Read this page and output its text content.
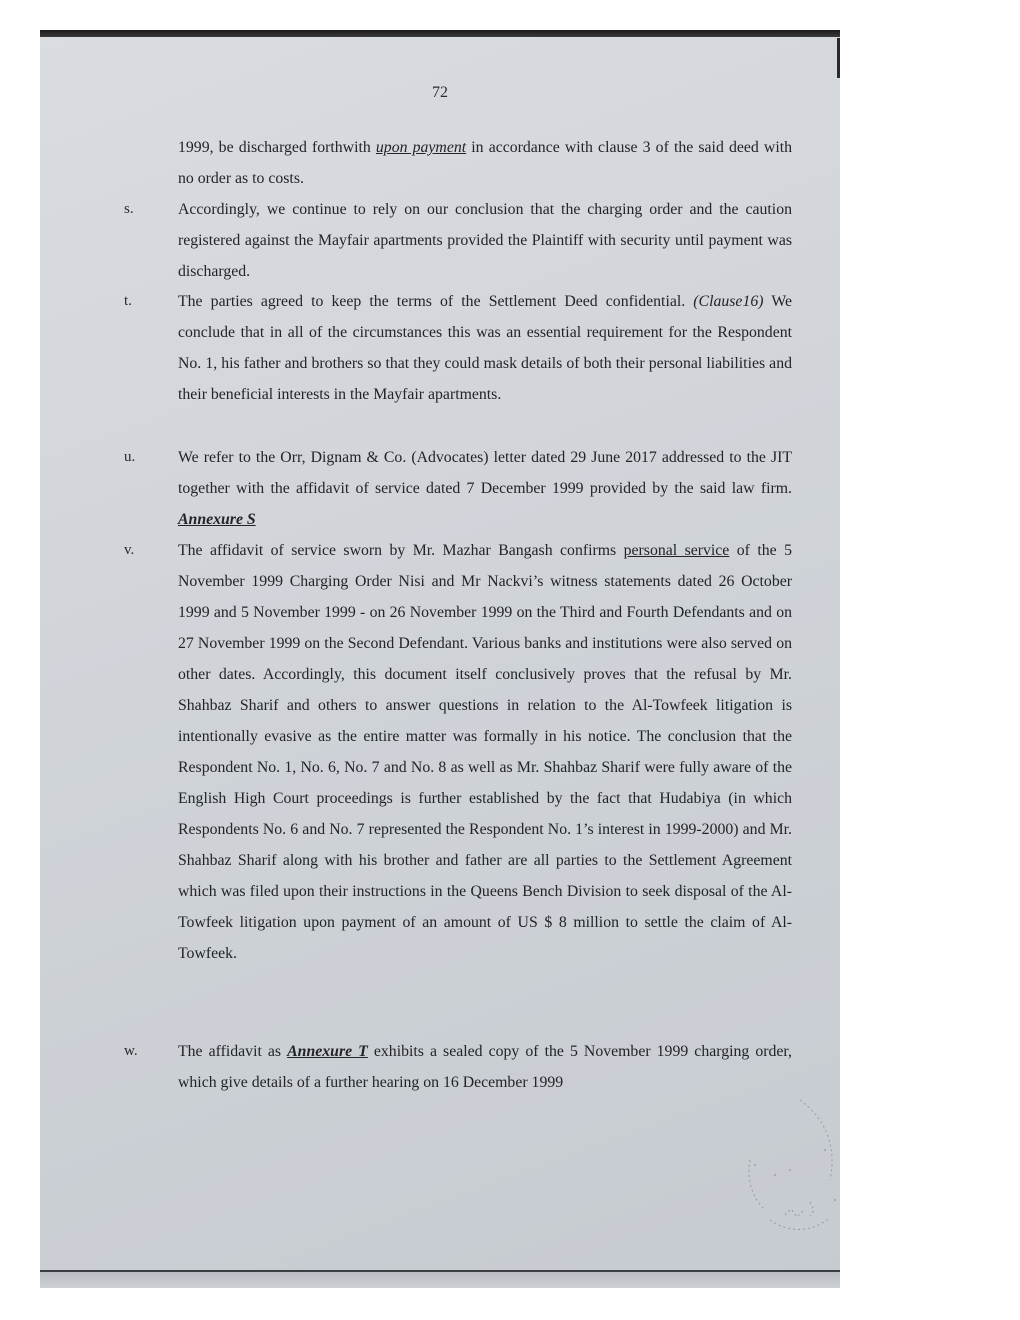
72

1999, be discharged forthwith upon payment in accordance with clause 3 of the said deed with no order as to costs.

s.	Accordingly, we continue to rely on our conclusion that the charging order and the caution registered against the Mayfair apartments provided the Plaintiff with security until payment was discharged.

t.	The parties agreed to keep the terms of the Settlement Deed confidential. (Clause16) We conclude that in all of the circumstances this was an essential requirement for the Respondent No. 1, his father and brothers so that they could mask details of both their personal liabilities and their beneficial interests in the Mayfair apartments.

u.	We refer to the Orr, Dignam & Co. (Advocates) letter dated 29 June 2017 addressed to the JIT together with the affidavit of service dated 7 December 1999 provided by the said law firm. Annexure S

v.	The affidavit of service sworn by Mr. Mazhar Bangash confirms personal service of the 5 November 1999 Charging Order Nisi and Mr Nackvi’s witness statements dated 26 October 1999 and 5 November 1999 - on 26 November 1999 on the Third and Fourth Defendants and on 27 November 1999 on the Second Defendant. Various banks and institutions were also served on other dates. Accordingly, this document itself conclusively proves that the refusal by Mr. Shahbaz Sharif and others to answer questions in relation to the Al-Towfeek litigation is intentionally evasive as the entire matter was formally in his notice. The conclusion that the Respondent No. 1, No. 6, No. 7 and No. 8 as well as Mr. Shahbaz Sharif were fully aware of the English High Court proceedings is further established by the fact that Hudabiya (in which Respondents No. 6 and No. 7 represented the Respondent No. 1’s interest in 1999-2000) and Mr. Shahbaz Sharif along with his brother and father are all parties to the Settlement Agreement which was filed upon their instructions in the Queens Bench Division to seek disposal of the Al-Towfeek litigation upon payment of an amount of US $ 8 million to settle the claim of Al-Towfeek.

w.	The affidavit as Annexure T exhibits a sealed copy of the 5 November 1999 charging order, which give details of a further hearing on 16 December 1999
